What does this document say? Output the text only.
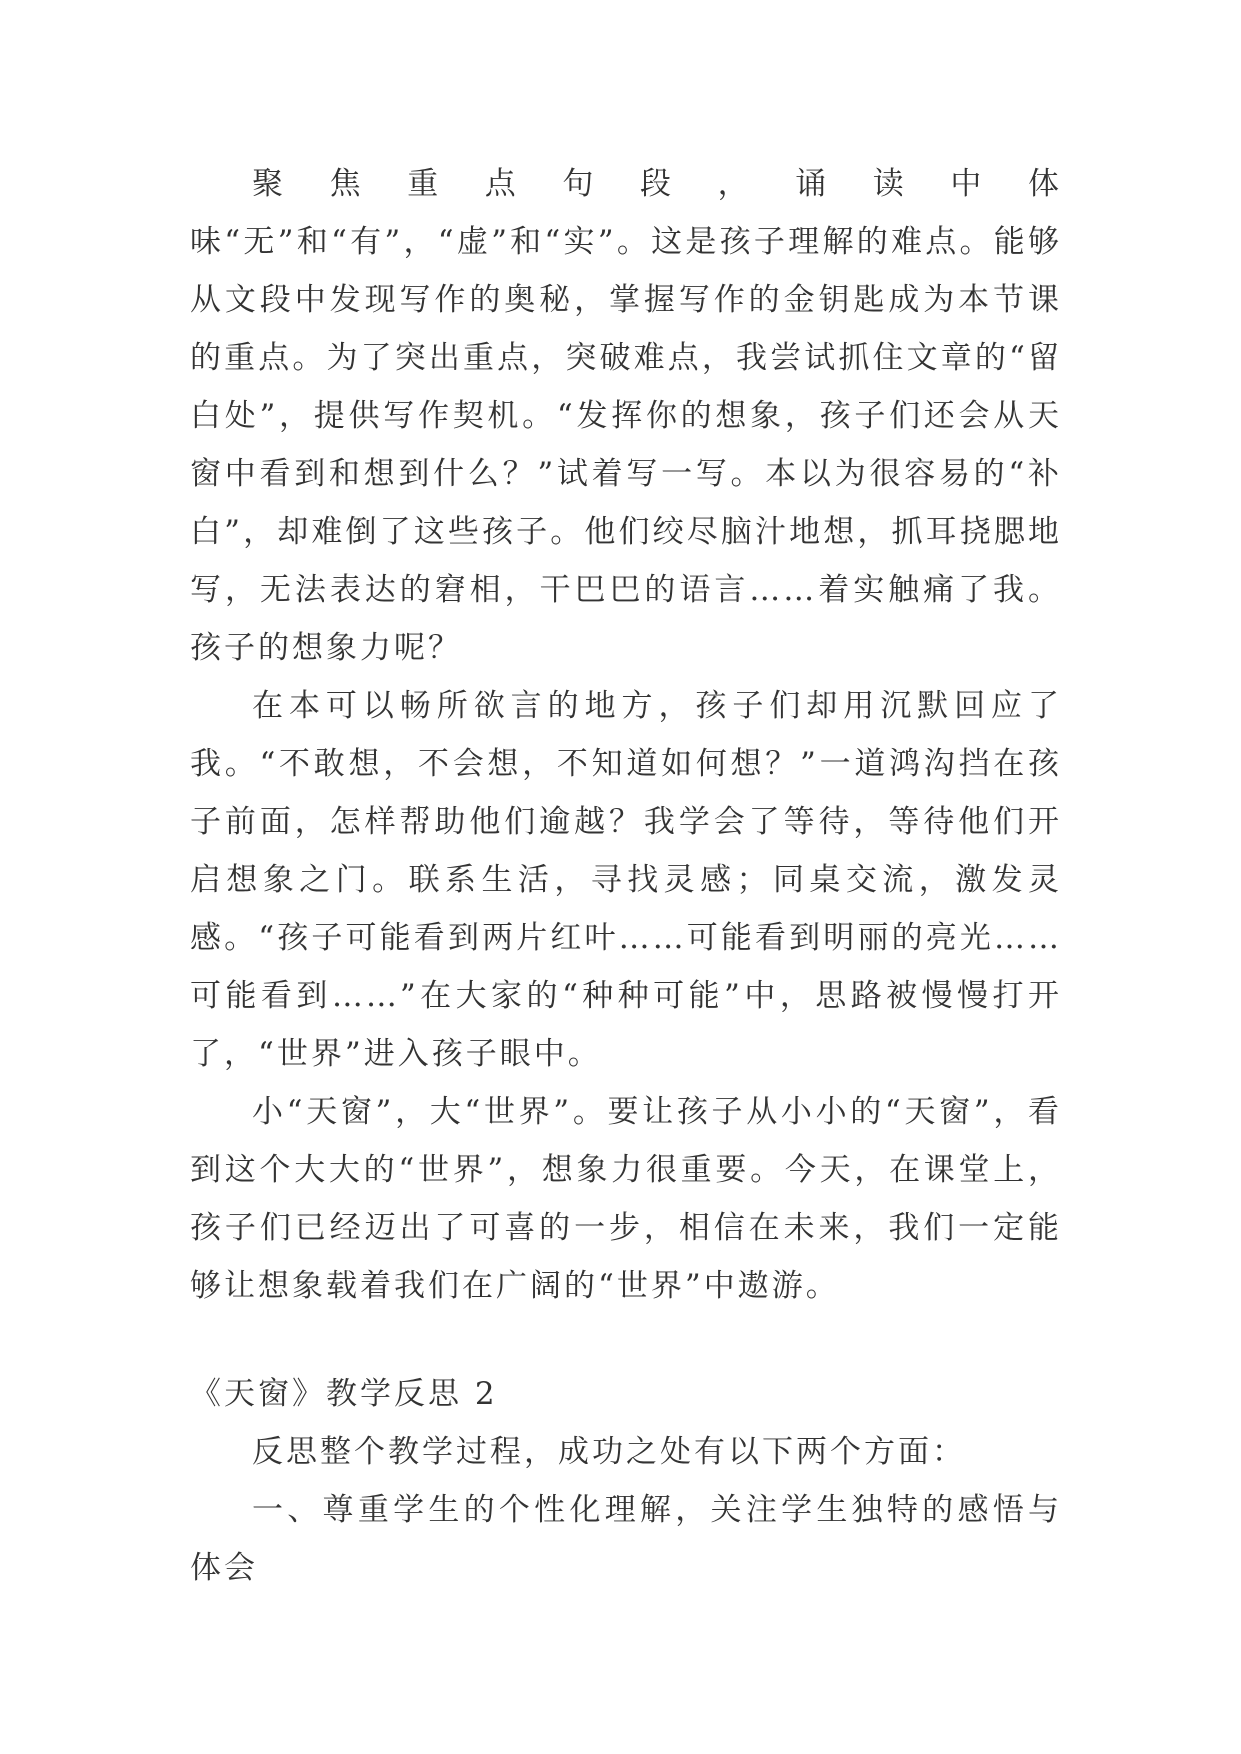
聚焦重点句段，诵读中体味“无”和“有”，“虚”和“实”。这是孩子理解的难点。能够从文段中发现写作的奥秘，掌握写作的金钥匙成为本节课的重点。为了突出重点，突破难点，我尝试抓住文章的“留白处”，提供写作契机。“发挥你的想象，孩子们还会从天窗中看到和想到什么？”试着写一写。本以为很容易的“补白”，却难倒了这些孩子。他们绞尽脑汁地想，抓耳挠腮地写，无法表达的窘相，干巴巴的语言……着实触痛了我。孩子的想象力呢？

在本可以畅所欲言的地方，孩子们却用沉默回应了我。“不敢想，不会想，不知道如何想？”一道鸿沟挡在孩子前面，怎样帮助他们逾越？我学会了等待，等待他们开启想象之门。联系生活，寻找灵感；同桌交流，激发灵感。“孩子可能看到两片红叶……可能看到明丽的亮光……可能看到……”在大家的“种种可能”中，思路被慢慢打开了，“世界”进入孩子眼中。

小“天窗”，大“世界”。要让孩子从小小的“天窗”，看到这个大大的“世界”，想象力很重要。今天，在课堂上，孩子们已经迈出了可喜的一步，相信在未来，我们一定能够让想象载着我们在广阔的“世界”中遨游。

《天窗》教学反思 2

反思整个教学过程，成功之处有以下两个方面：

一、尊重学生的个性化理解，关注学生独特的感悟与体会
